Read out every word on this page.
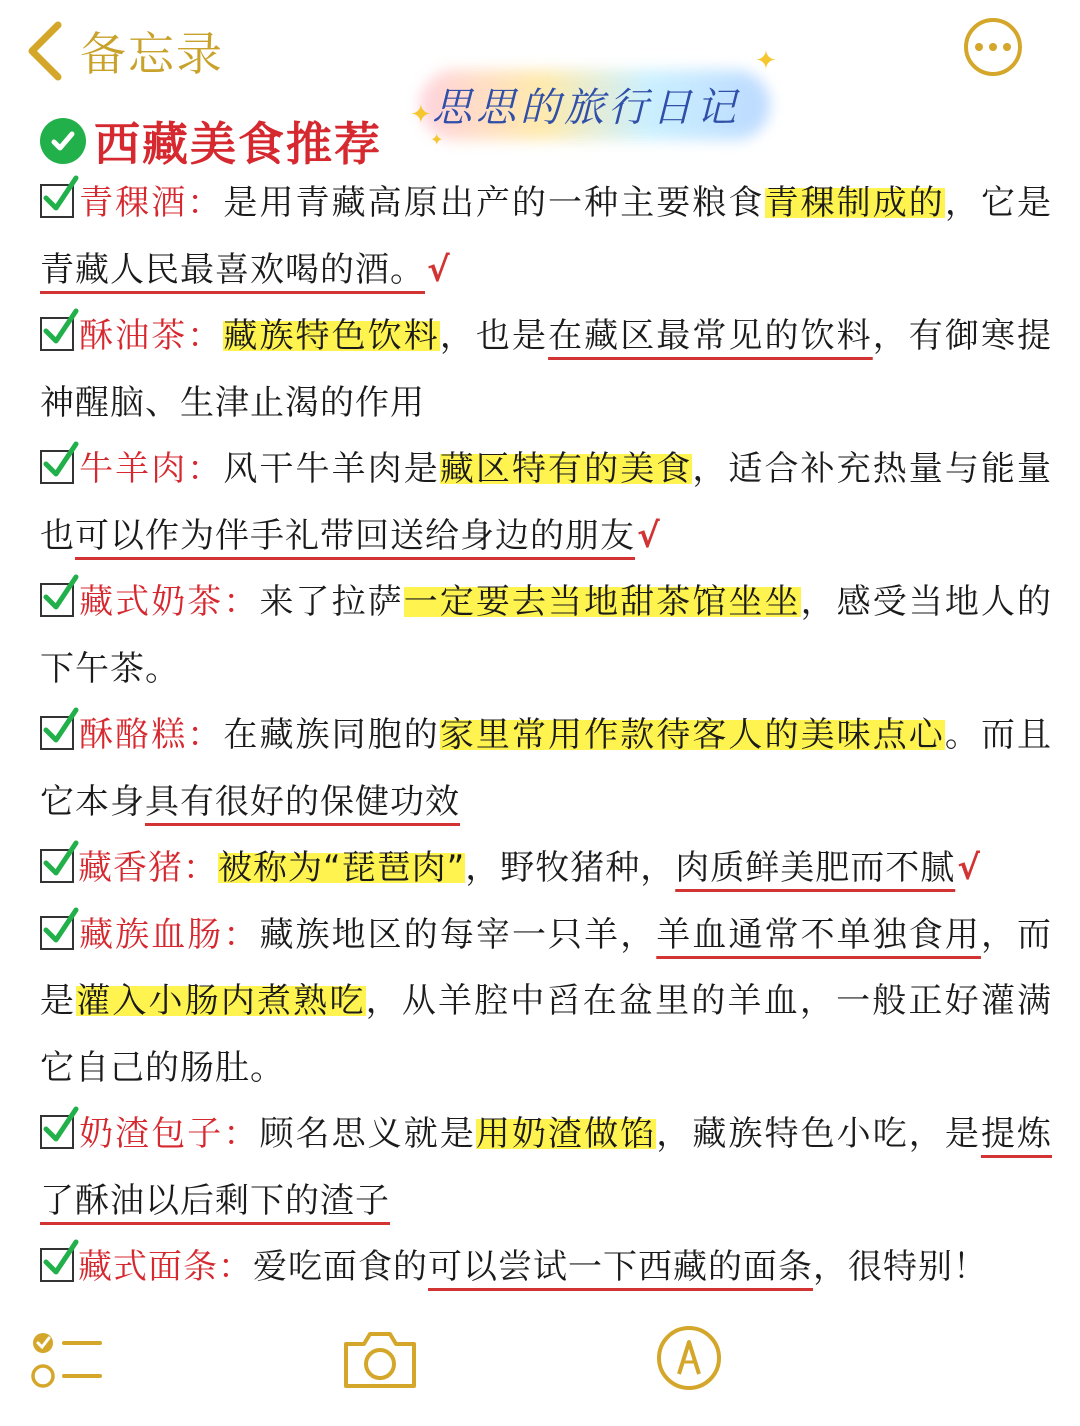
备忘录
✦
✦
✦
思思的旅行日记
西藏美食推荐
青稞酒：是用青藏高原出产的一种主要粮食青稞制成的，它是青藏人民最喜欢喝的酒。√
酥油茶：藏族特色饮料，也是在藏区最常见的饮料，有御寒提神醒脑、生津止渴的作用
牛羊肉：风干牛羊肉是藏区特有的美食，适合补充热量与能量也可以作为伴手礼带回送给身边的朋友√
藏式奶茶：来了拉萨一定要去当地甜茶馆坐坐，感受当地人的下午茶。
酥酪糕：在藏族同胞的家里常用作款待客人的美味点心。而且它本身具有很好的保健功效
藏香猪：被称为“琵琶肉”，野牧猪种，肉质鲜美肥而不腻√
藏族血肠：藏族地区的每宰一只羊，羊血通常不单独食用，而是灌入小肠内煮熟吃，从羊腔中舀在盆里的羊血，一般正好灌满它自己的肠肚。
奶渣包子：顾名思义就是用奶渣做馅，藏族特色小吃，是提炼了酥油以后剩下的渣子
藏式面条：爱吃面食的可以尝试一下西藏的面条，很特别！
